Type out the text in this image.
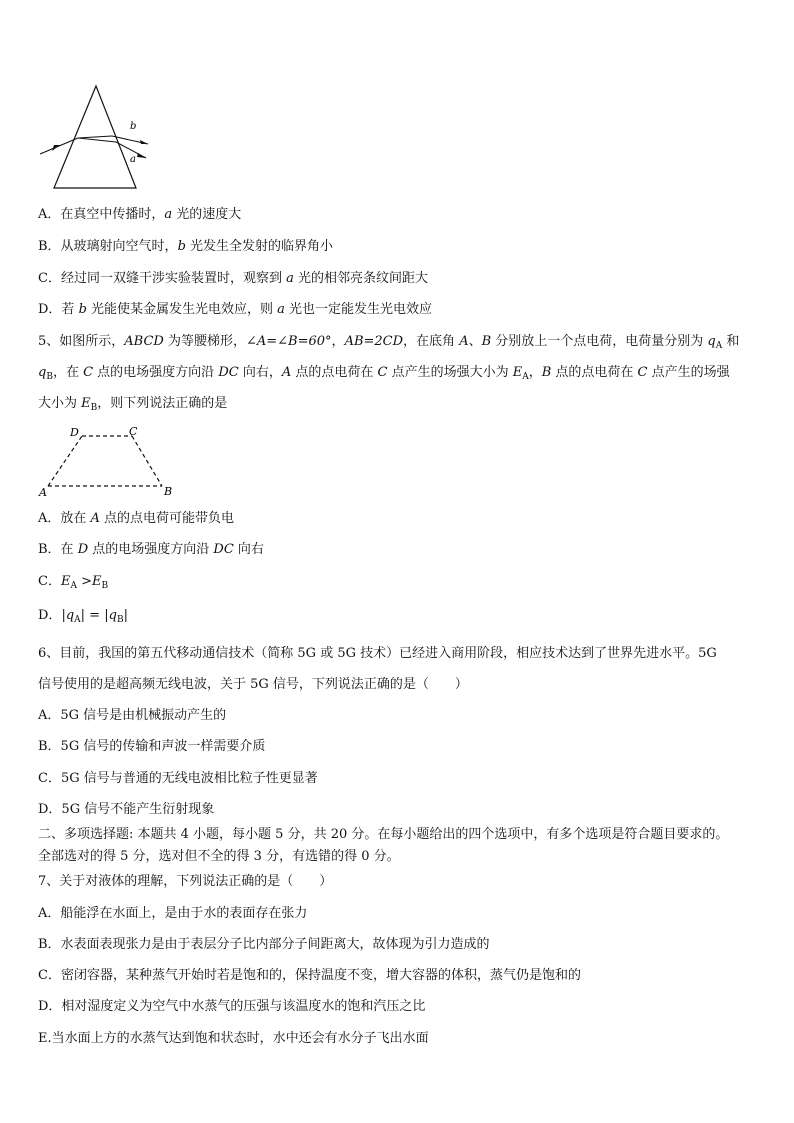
b
a
A．在真空中传播时，a 光的速度大
B．从玻璃射向空气时，b 光发生全发射的临界角小
C．经过同一双缝干涉实验装置时，观察到 a 光的相邻亮条纹间距大
D．若 b 光能使某金属发生光电效应，则 a 光也一定能发生光电效应
5、如图所示，ABCD 为等腰梯形，∠A=∠B=60°，AB=2CD，在底角 A、B 分别放上一个点电荷，电荷量分别为 $q_A$ 和
$q_B$，在 C 点的电场强度方向沿 DC 向右，A 点的点电荷在 C 点产生的场强大小为 $E_A$，B 点的点电荷在 C 点产生的场强
大小为 $E_B$，则下列说法正确的是
D	C
A	B
A．放在 A 点的点电荷可能带负电
B．在 D 点的电场强度方向沿 DC 向右
C．$E_A >E_B$
D．$|q_A| = |q_B|$
6、目前，我国的第五代移动通信技术（简称 5G 或 5G 技术）已经进入商用阶段，相应技术达到了世界先进水平。5G
信号使用的是超高频无线电波，关于 5G 信号，下列说法正确的是（　　）
A．5G 信号是由机械振动产生的
B．5G 信号的传输和声波一样需要介质
C．5G 信号与普通的无线电波相比粒子性更显著
D．5G 信号不能产生衍射现象
二、多项选择题: 本题共 4 小题，每小题 5 分，共 20 分。在每小题给出的四个选项中，有多个选项是符合题目要求的。
全部选对的得 5 分，选对但不全的得 3 分，有选错的得 0 分。
7、关于对液体的理解，下列说法正确的是（　　）
A．船能浮在水面上，是由于水的表面存在张力
B．水表面表现张力是由于表层分子比内部分子间距离大，故体现为引力造成的
C．密闭容器，某种蒸气开始时若是饱和的，保持温度不变，增大容器的体积，蒸气仍是饱和的
D．相对湿度定义为空气中水蒸气的压强与该温度水的饱和汽压之比
E.当水面上方的水蒸气达到饱和状态时，水中还会有水分子飞出水面
